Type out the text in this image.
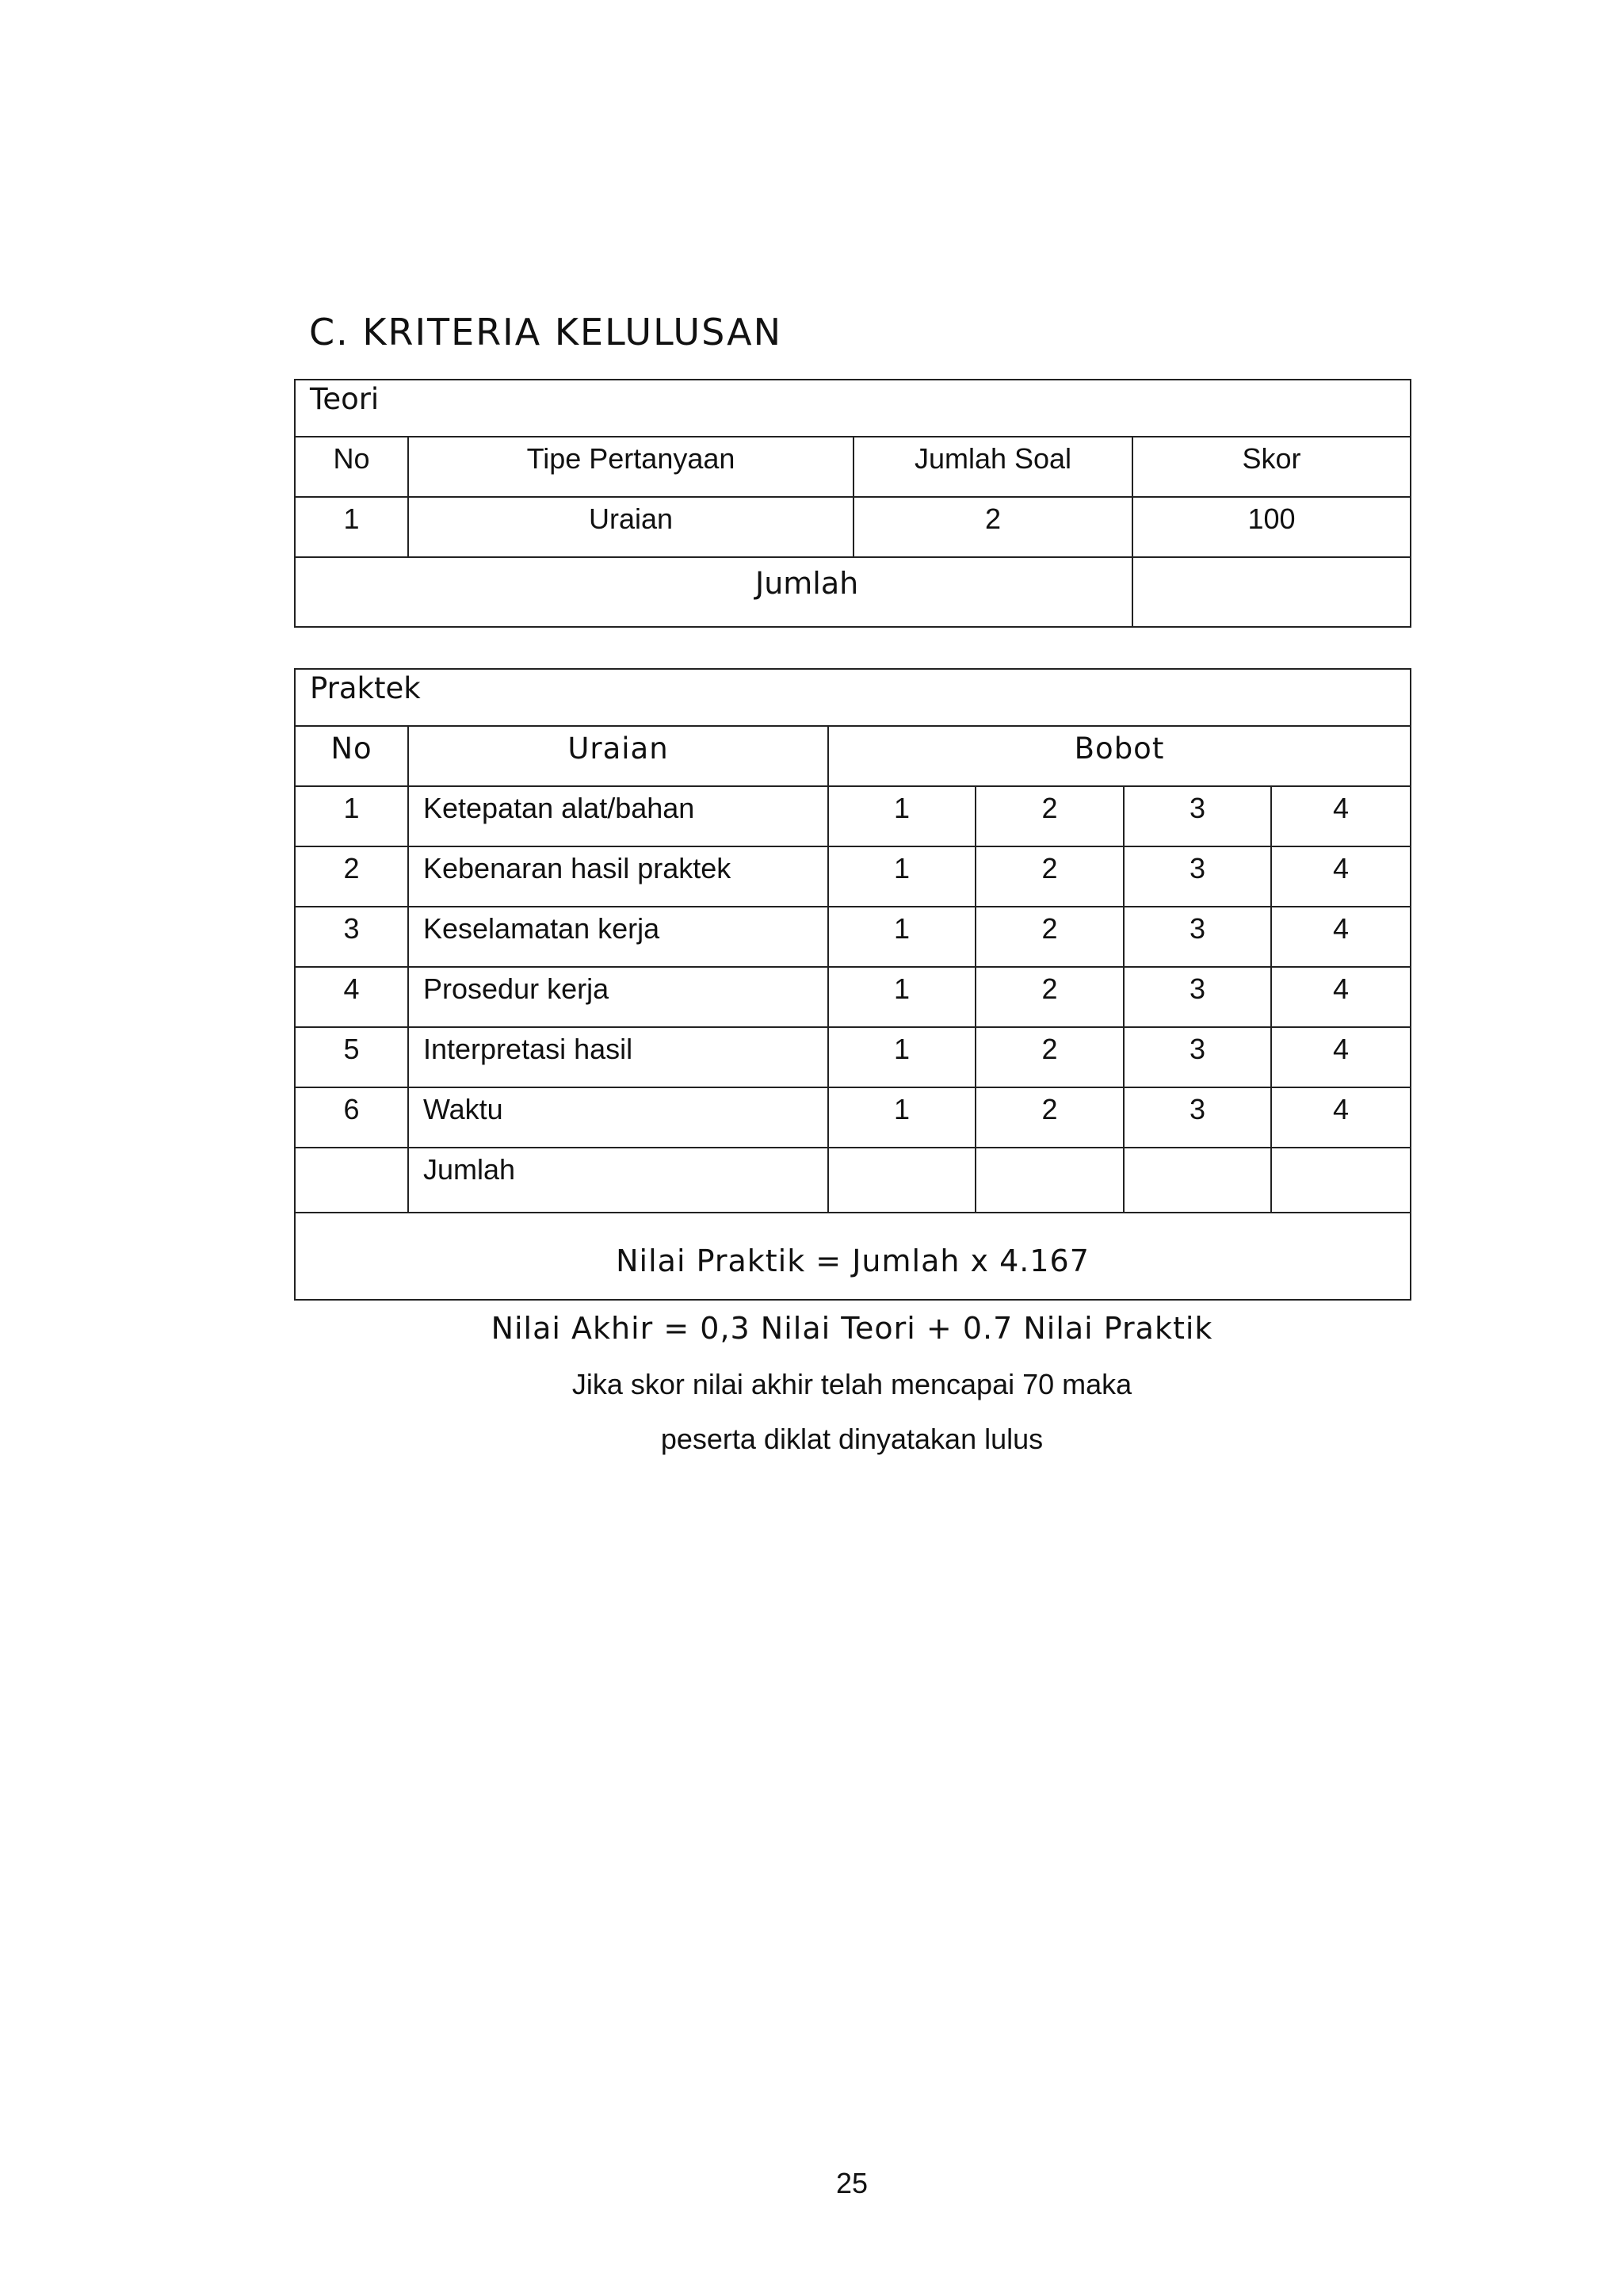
C. KRITERIA KELULUSAN
Teori			
No	Tipe Pertanyaan	Jumlah Soal	Skor
1	Uraian	2	100
Jumlah			
Praktek					
No	Uraian	Bobot			
1	Ketepatan alat/bahan	1	2	3	4
2	Kebenaran hasil praktek	1	2	3	4
3	Keselamatan kerja	1	2	3	4
4	Prosedur kerja	1	2	3	4
5	Interpretasi hasil	1	2	3	4
6	Waktu	1	2	3	4
	Jumlah				
Nilai Praktik = Jumlah x 4.167					
Nilai Akhir = 0,3 Nilai Teori + 0.7 Nilai Praktik
Jika skor nilai akhir telah mencapai 70 maka
peserta diklat dinyatakan lulus
25
